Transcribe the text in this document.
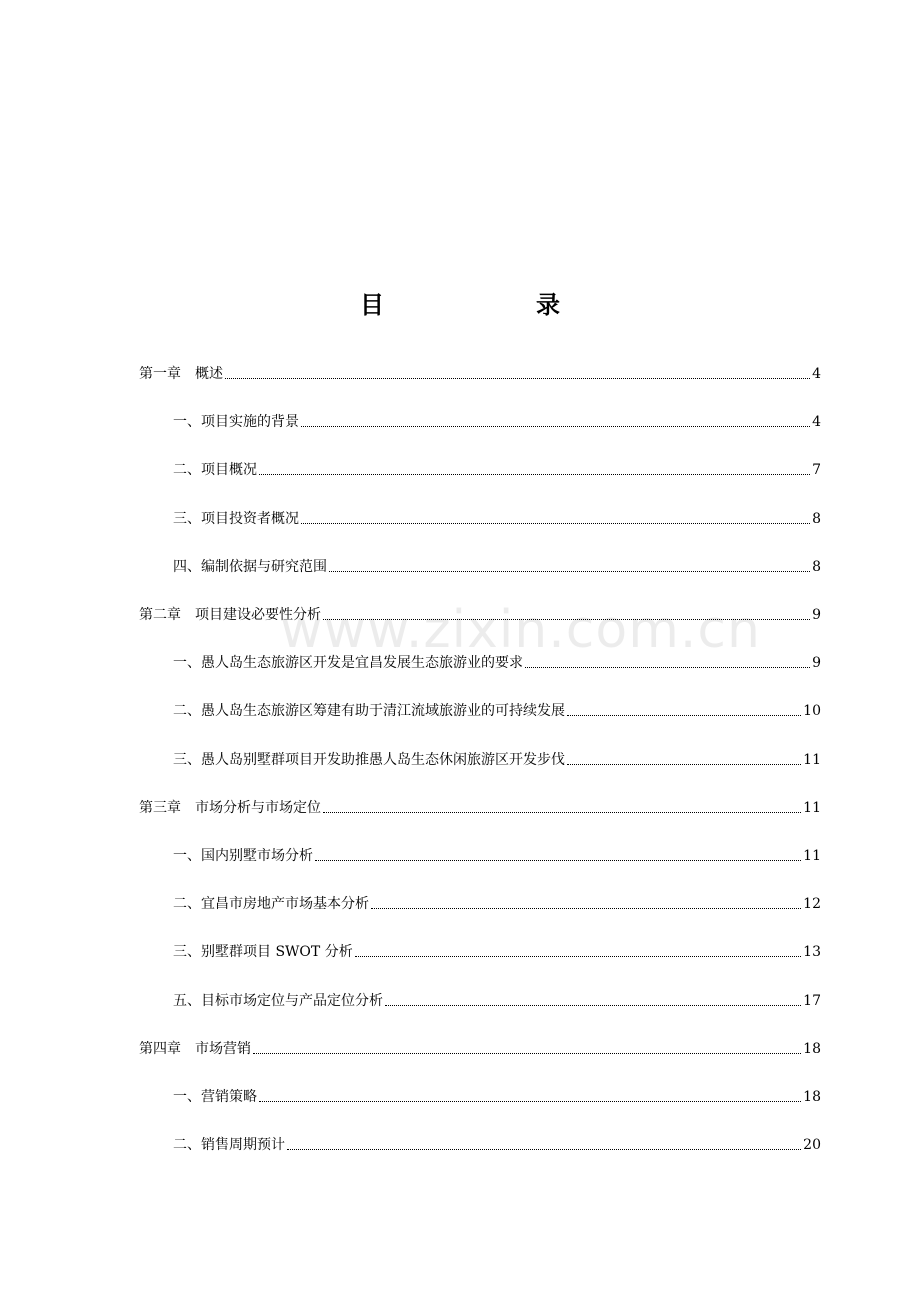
www.zixin.com.cn
目　录
第一章　概述	4
一、项目实施的背景	4
二、项目概况	7
三、项目投资者概况	8
四、编制依据与研究范围	8
第二章　项目建设必要性分析	9
一、愚人岛生态旅游区开发是宜昌发展生态旅游业的要求	9
二、愚人岛生态旅游区筹建有助于清江流域旅游业的可持续发展	10
三、愚人岛别墅群项目开发助推愚人岛生态休闲旅游区开发步伐	11
第三章　市场分析与市场定位	11
一、国内别墅市场分析	11
二、宜昌市房地产市场基本分析	12
三、别墅群项目 SWOT 分析	13
五、目标市场定位与产品定位分析	17
第四章　市场营销	18
一、营销策略	18
二、销售周期预计	20
